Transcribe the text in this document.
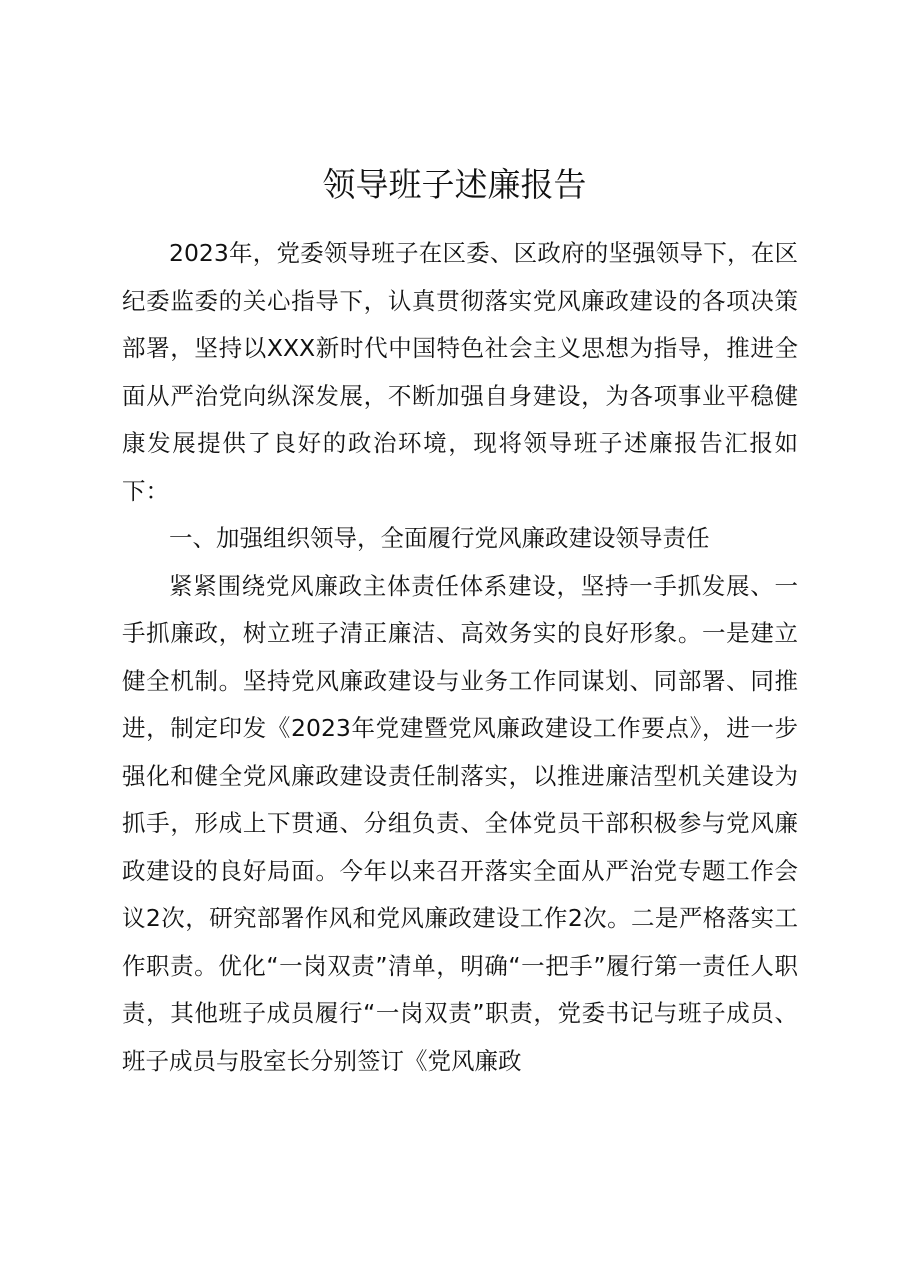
领导班子述廉报告

2023年，党委领导班子在区委、区政府的坚强领导下，在区纪委监委的关心指导下，认真贯彻落实党风廉政建设的各项决策部署，坚持以XXX新时代中国特色社会主义思想为指导，推进全面从严治党向纵深发展，不断加强自身建设，为各项事业平稳健康发展提供了良好的政治环境，现将领导班子述廉报告汇报如下：

一、加强组织领导，全面履行党风廉政建设领导责任

紧紧围绕党风廉政主体责任体系建设，坚持一手抓发展、一手抓廉政，树立班子清正廉洁、高效务实的良好形象。一是建立健全机制。坚持党风廉政建设与业务工作同谋划、同部署、同推进，制定印发《2023年党建暨党风廉政建设工作要点》，进一步强化和健全党风廉政建设责任制落实，以推进廉洁型机关建设为抓手，形成上下贯通、分组负责、全体党员干部积极参与党风廉政建设的良好局面。今年以来召开落实全面从严治党专题工作会议2次，研究部署作风和党风廉政建设工作2次。二是严格落实工作职责。优化“一岗双责”清单，明确“一把手”履行第一责任人职责，其他班子成员履行“一岗双责”职责，党委书记与班子成员、班子成员与股室长分别签订《党风廉政
